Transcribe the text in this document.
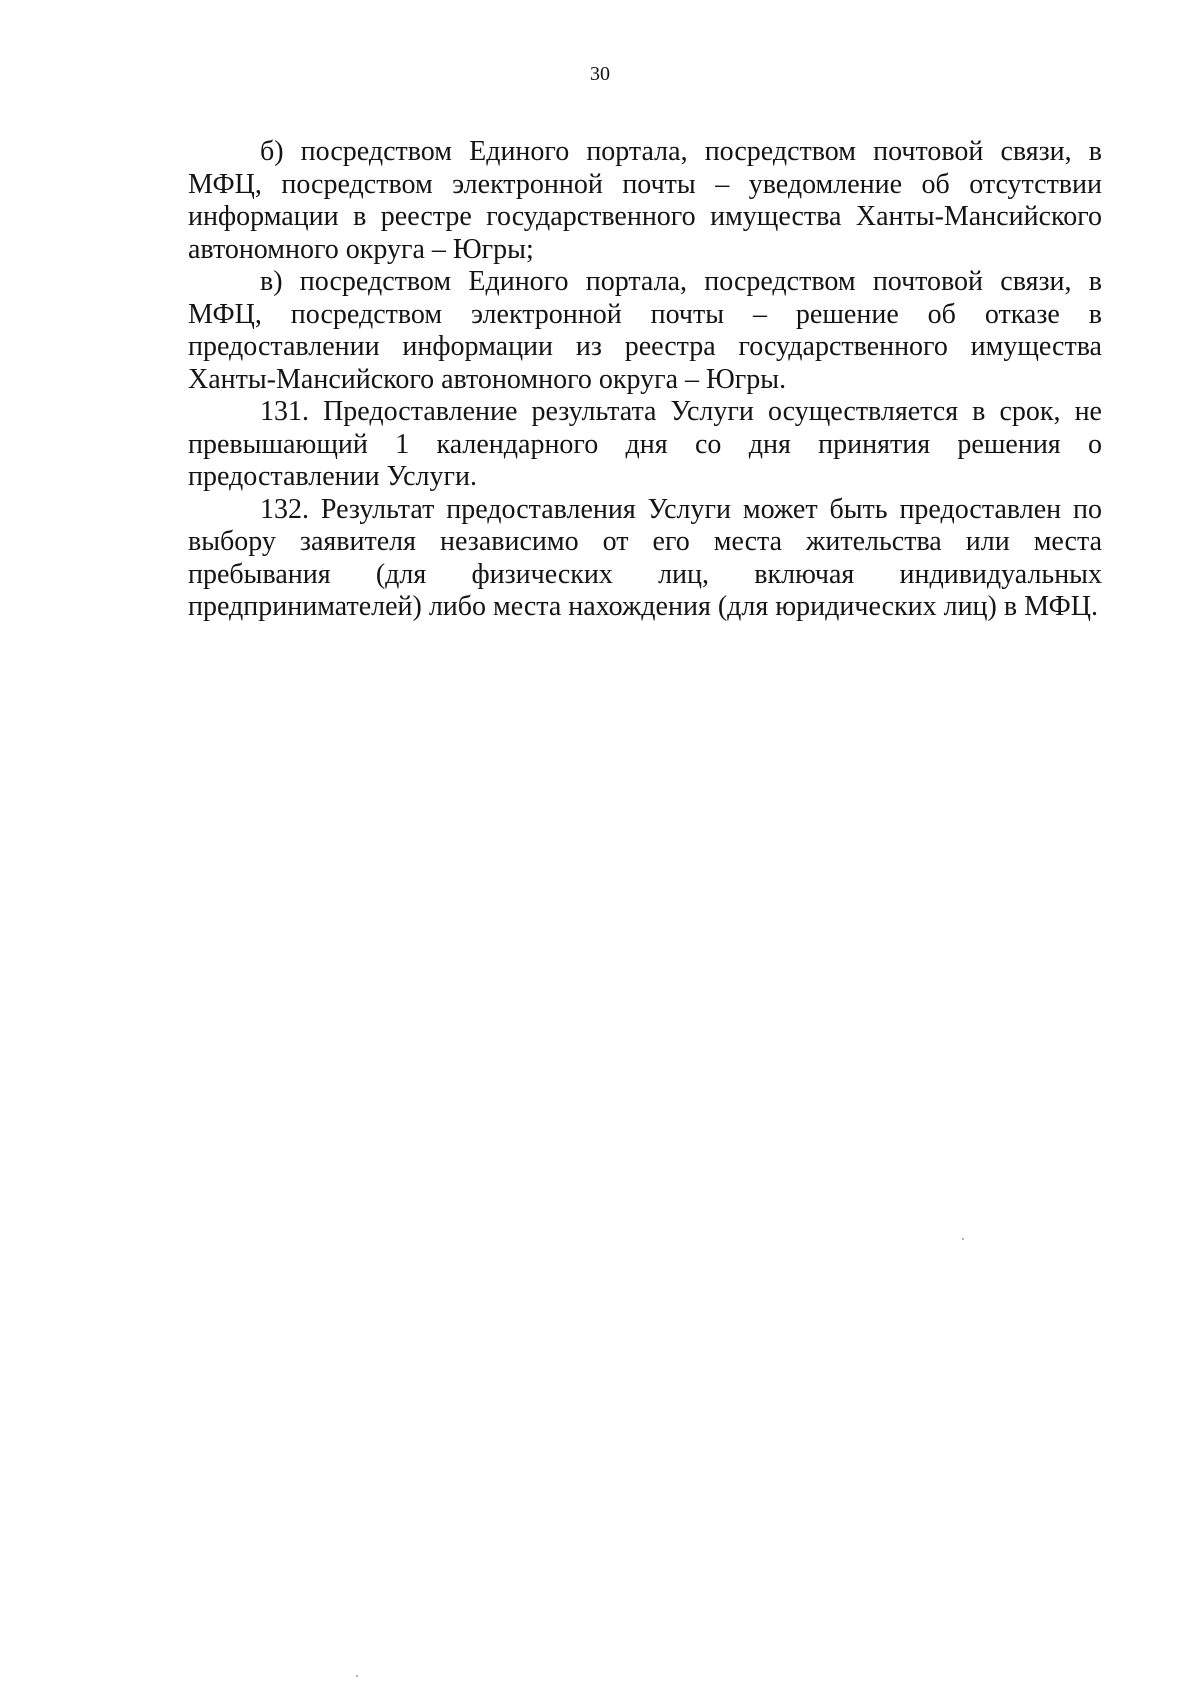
30

б) посредством Единого портала, посредством почтовой связи, в МФЦ, посредством электронной почты – уведомление об отсутствии информации в реестре государственного имущества Ханты-Мансийского автономного округа – Югры;

в) посредством Единого портала, посредством почтовой связи, в МФЦ, посредством электронной почты – решение об отказе в предоставлении информации из реестра государственного имущества Ханты-Мансийского автономного округа – Югры.

131. Предоставление результата Услуги осуществляется в срок, не превышающий 1 календарного дня со дня принятия решения о предоставлении Услуги.

132. Результат предоставления Услуги может быть предоставлен по выбору заявителя независимо от его места жительства или места пребывания (для физических лиц, включая индивидуальных предпринимателей) либо места нахождения (для юридических лиц) в МФЦ.
